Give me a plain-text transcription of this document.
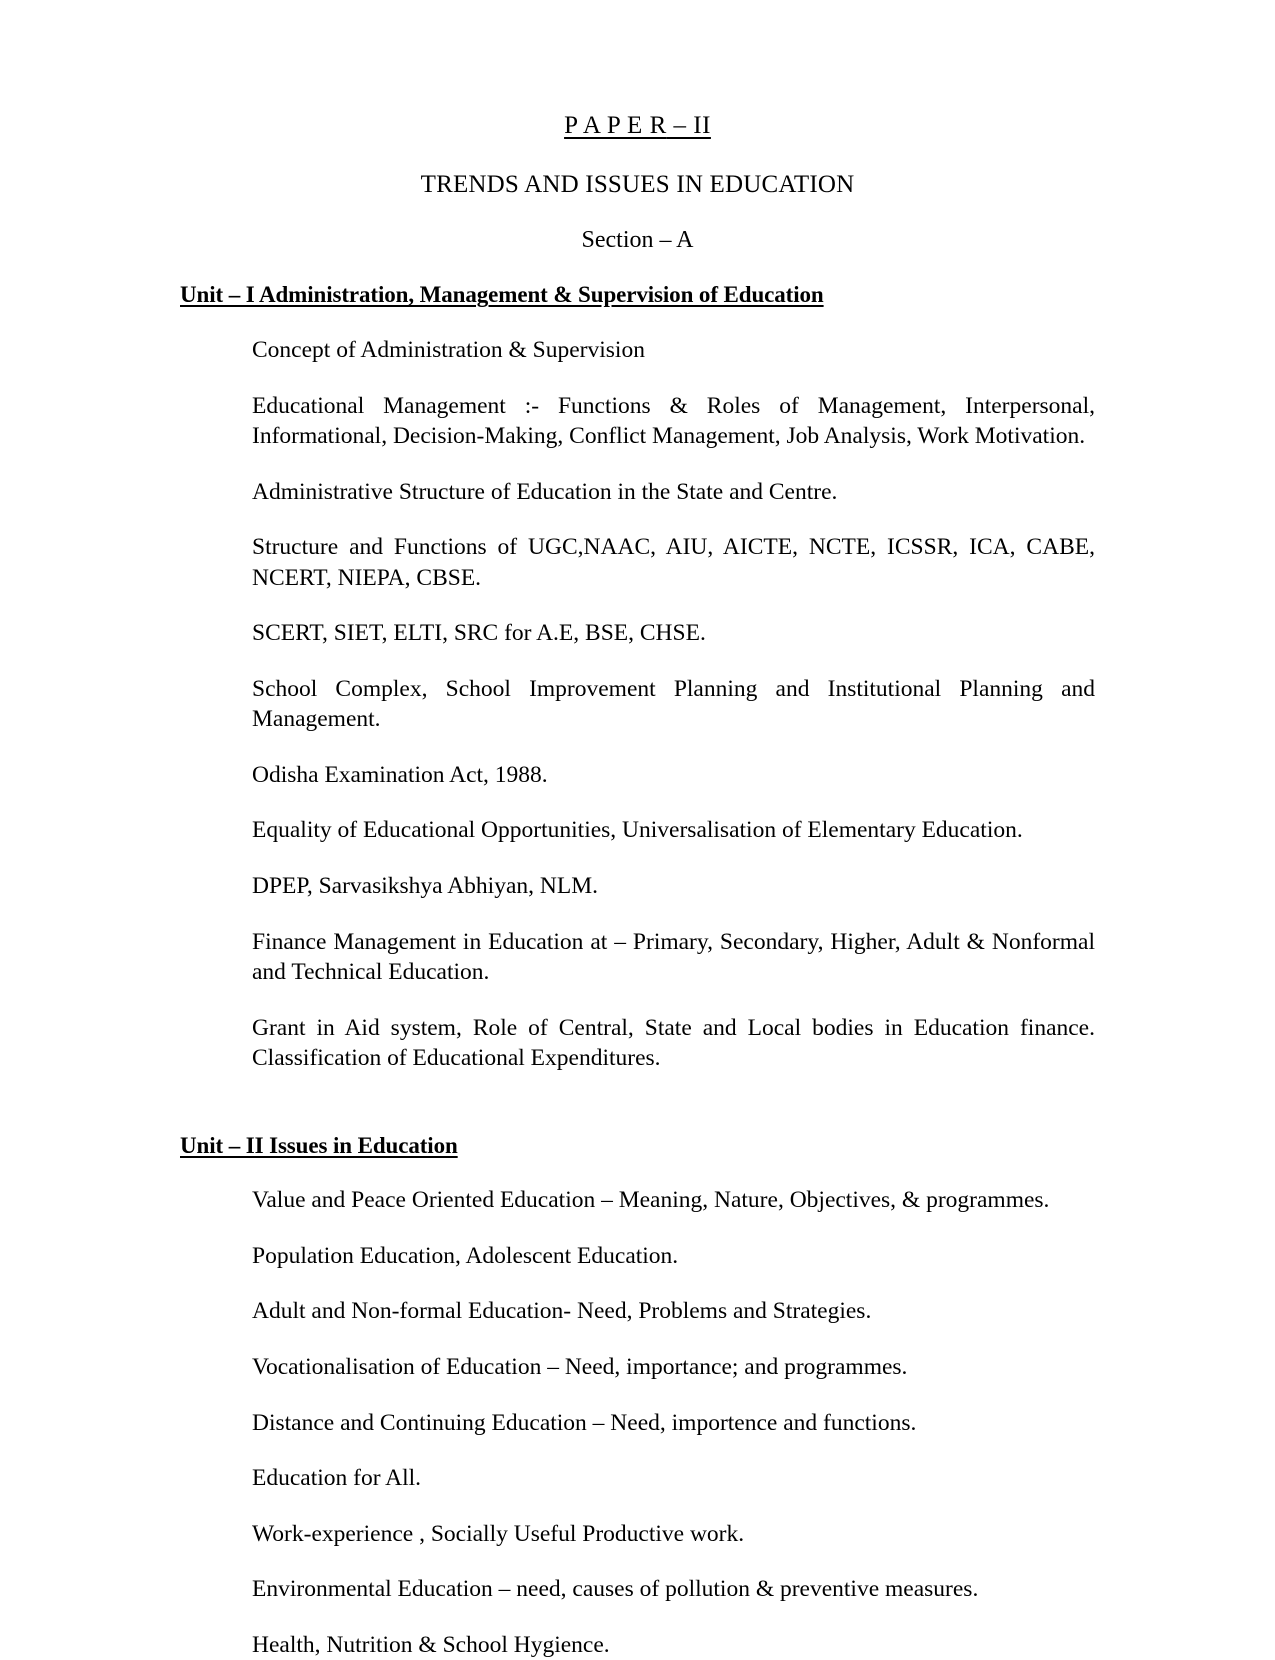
P A P E R – II
TRENDS AND ISSUES IN EDUCATION
Section – A
Unit – I Administration, Management & Supervision of Education
Concept of Administration & Supervision
Educational Management :- Functions & Roles of Management, Interpersonal, Informational, Decision-Making, Conflict Management, Job Analysis, Work Motivation.
Administrative Structure of Education in the State and Centre.
Structure and Functions of UGC,NAAC, AIU, AICTE, NCTE, ICSSR, ICA, CABE, NCERT, NIEPA, CBSE.
SCERT, SIET, ELTI, SRC for A.E, BSE, CHSE.
School Complex, School Improvement Planning and Institutional Planning and Management.
Odisha Examination Act, 1988.
Equality of Educational Opportunities, Universalisation of Elementary Education.
DPEP, Sarvasikshya Abhiyan, NLM.
Finance Management in Education at – Primary, Secondary, Higher, Adult & Nonformal and Technical Education.
Grant in Aid system, Role of Central, State and Local bodies in Education finance. Classification of Educational Expenditures.
Unit – II Issues in Education
Value and Peace Oriented Education – Meaning, Nature, Objectives, & programmes.
Population Education, Adolescent Education.
Adult and Non-formal Education- Need, Problems and Strategies.
Vocationalisation of Education – Need, importance; and programmes.
Distance and Continuing Education – Need, importence and functions.
Education for All.
Work-experience , Socially Useful Productive work.
Environmental Education – need, causes of pollution & preventive measures.
Health, Nutrition & School Hygience.
